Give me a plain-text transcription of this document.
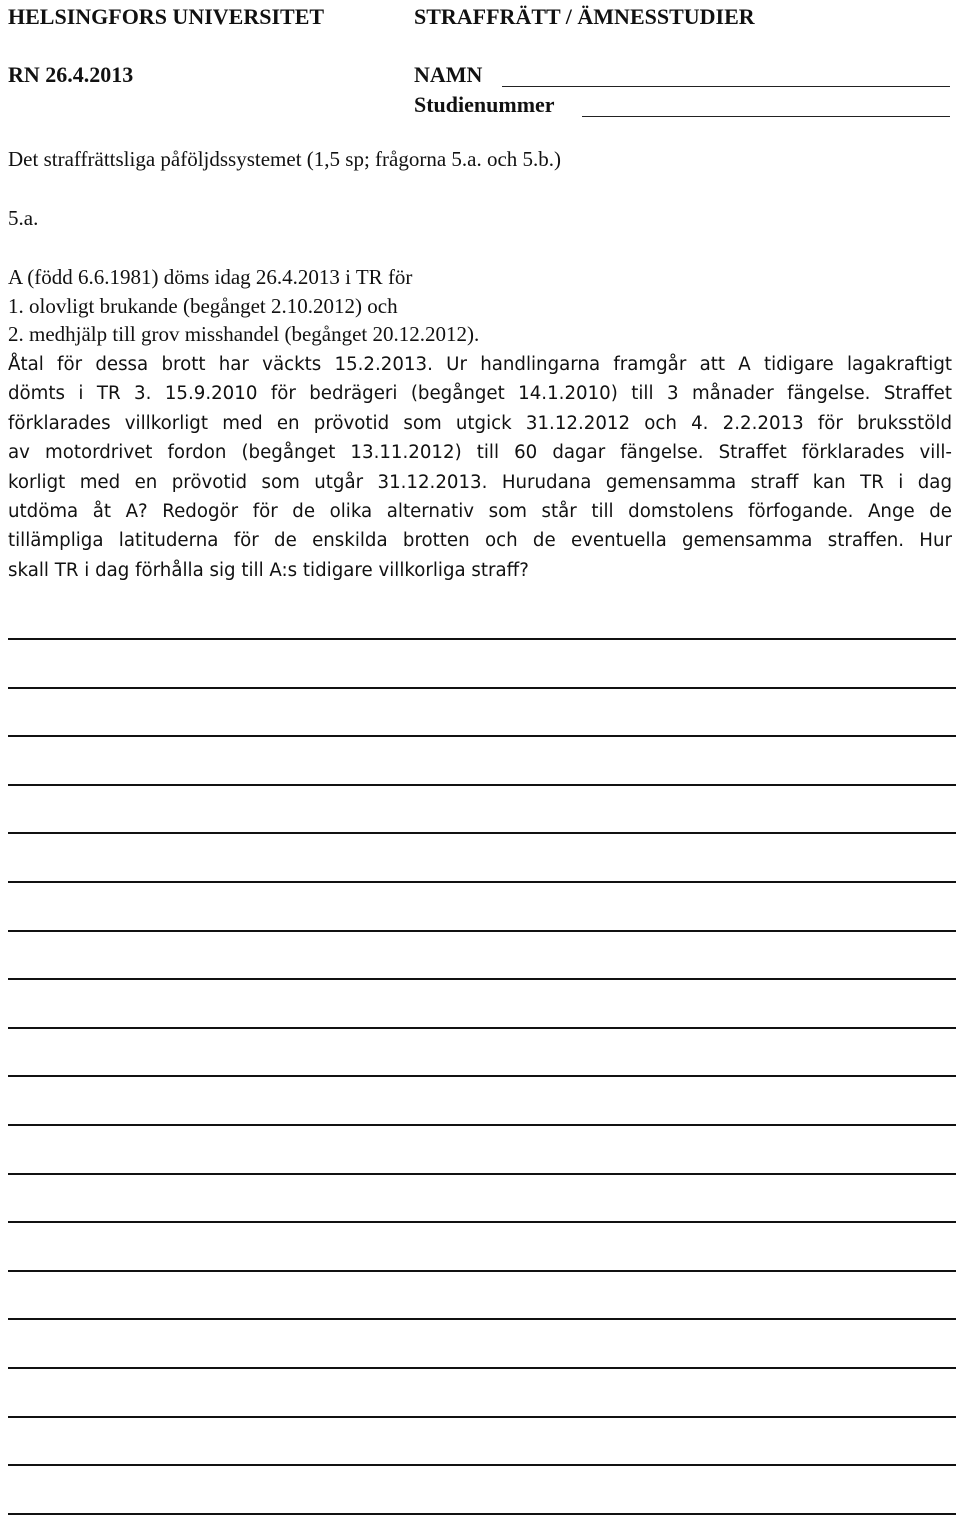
HELSINGFORS UNIVERSITET	STRAFFRÄTT / ÄMNESSTUDIER
RN 26.4.2013	NAMN
Studienummer
Det straffrättsliga påföljdssystemet (1,5 sp; frågorna 5.a. och 5.b.)
5.a.
A (född 6.6.1981) döms idag 26.4.2013 i TR för
1. olovligt brukande (begånget 2.10.2012) och
2. medhjälp till grov misshandel (begånget 20.12.2012).
Åtal för dessa brott har väckts 15.2.2013. Ur handlingarna framgår att A tidigare lagakraftigt
dömts i TR 3. 15.9.2010 för bedrägeri (begånget 14.1.2010) till 3 månader fängelse. Straffet
förklarades villkorligt med en prövotid som utgick 31.12.2012 och 4. 2.2.2013 för bruksstöld
av motordrivet fordon (begånget 13.11.2012) till 60 dagar fängelse. Straffet förklarades vill-
korligt med en prövotid som utgår 31.12.2013. Hurudana gemensamma straff kan TR i dag
utdöma åt A? Redogör för de olika alternativ som står till domstolens förfogande. Ange de
tillämpliga latituderna för de enskilda brotten och de eventuella gemensamma straffen. Hur
skall TR i dag förhålla sig till A:s tidigare villkorliga straff?
